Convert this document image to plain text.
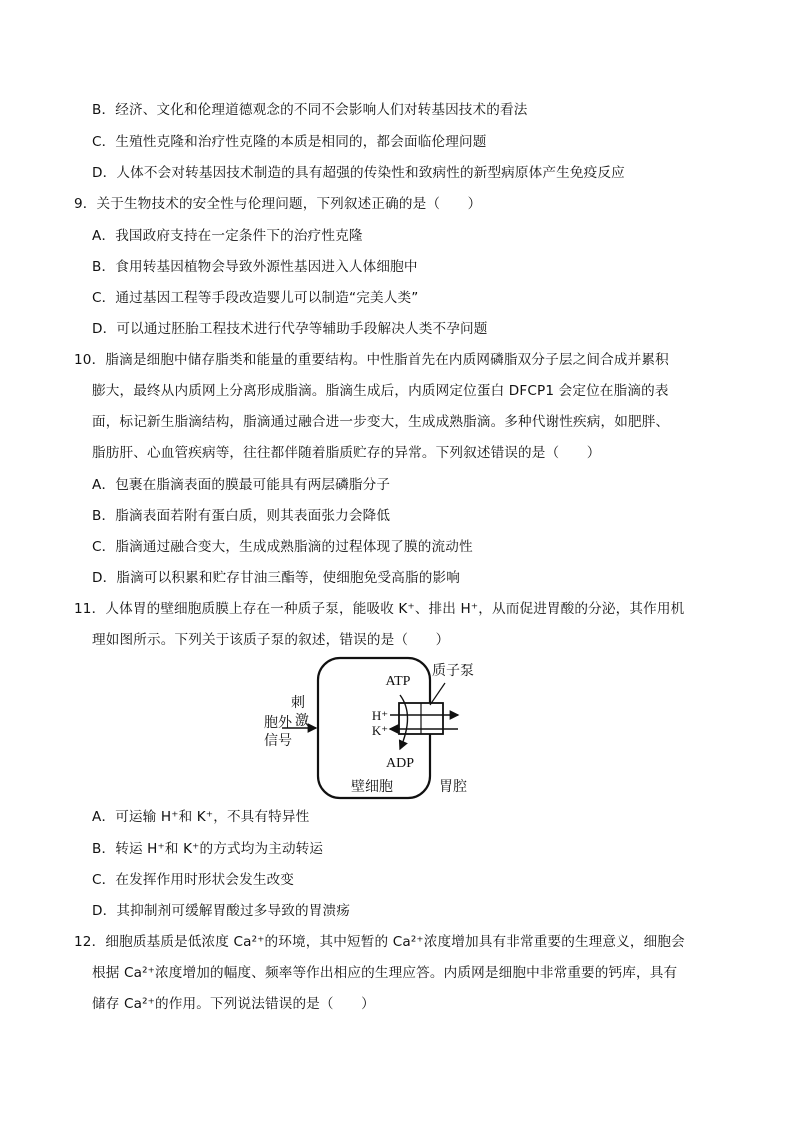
B．经济、文化和伦理道德观念的不同不会影响人们对转基因技术的看法
C．生殖性克隆和治疗性克隆的本质是相同的，都会面临伦理问题
D．人体不会对转基因技术制造的具有超强的传染性和致病性的新型病原体产生免疫反应
9．关于生物技术的安全性与伦理问题，下列叙述正确的是（　　）
A．我国政府支持在一定条件下的治疗性克隆
B．食用转基因植物会导致外源性基因进入人体细胞中
C．通过基因工程等手段改造婴儿可以制造“完美人类”
D．可以通过胚胎工程技术进行代孕等辅助手段解决人类不孕问题
10．脂滴是细胞中储存脂类和能量的重要结构。中性脂首先在内质网磷脂双分子层之间合成并累积
膨大，最终从内质网上分离形成脂滴。脂滴生成后，内质网定位蛋白 DFCP1 会定位在脂滴的表
面，标记新生脂滴结构，脂滴通过融合进一步变大，生成成熟脂滴。多种代谢性疾病，如肥胖、
脂肪肝、心血管疾病等，往往都伴随着脂质贮存的异常。下列叙述错误的是（　　）
A．包裹在脂滴表面的膜最可能具有两层磷脂分子
B．脂滴表面若附有蛋白质，则其表面张力会降低
C．脂滴通过融合变大，生成成熟脂滴的过程体现了膜的流动性
D．脂滴可以积累和贮存甘油三酯等，使细胞免受高脂的影响
11．人体胃的壁细胞质膜上存在一种质子泵，能吸收 K⁺、排出 H⁺，从而促进胃酸的分泌，其作用机
理如图所示。下列关于该质子泵的叙述，错误的是（　　）
刺
激
胞外
信号
ATP
ADP
H⁺
K⁺
质子泵
壁细胞	胃腔
A．可运输 H⁺和 K⁺，不具有特异性
B．转运 H⁺和 K⁺的方式均为主动转运
C．在发挥作用时形状会发生改变
D．其抑制剂可缓解胃酸过多导致的胃溃疡
12．细胞质基质是低浓度 Ca²⁺的环境，其中短暂的 Ca²⁺浓度增加具有非常重要的生理意义，细胞会
根据 Ca²⁺浓度增加的幅度、频率等作出相应的生理应答。内质网是细胞中非常重要的钙库，具有
储存 Ca²⁺的作用。下列说法错误的是（　　）
